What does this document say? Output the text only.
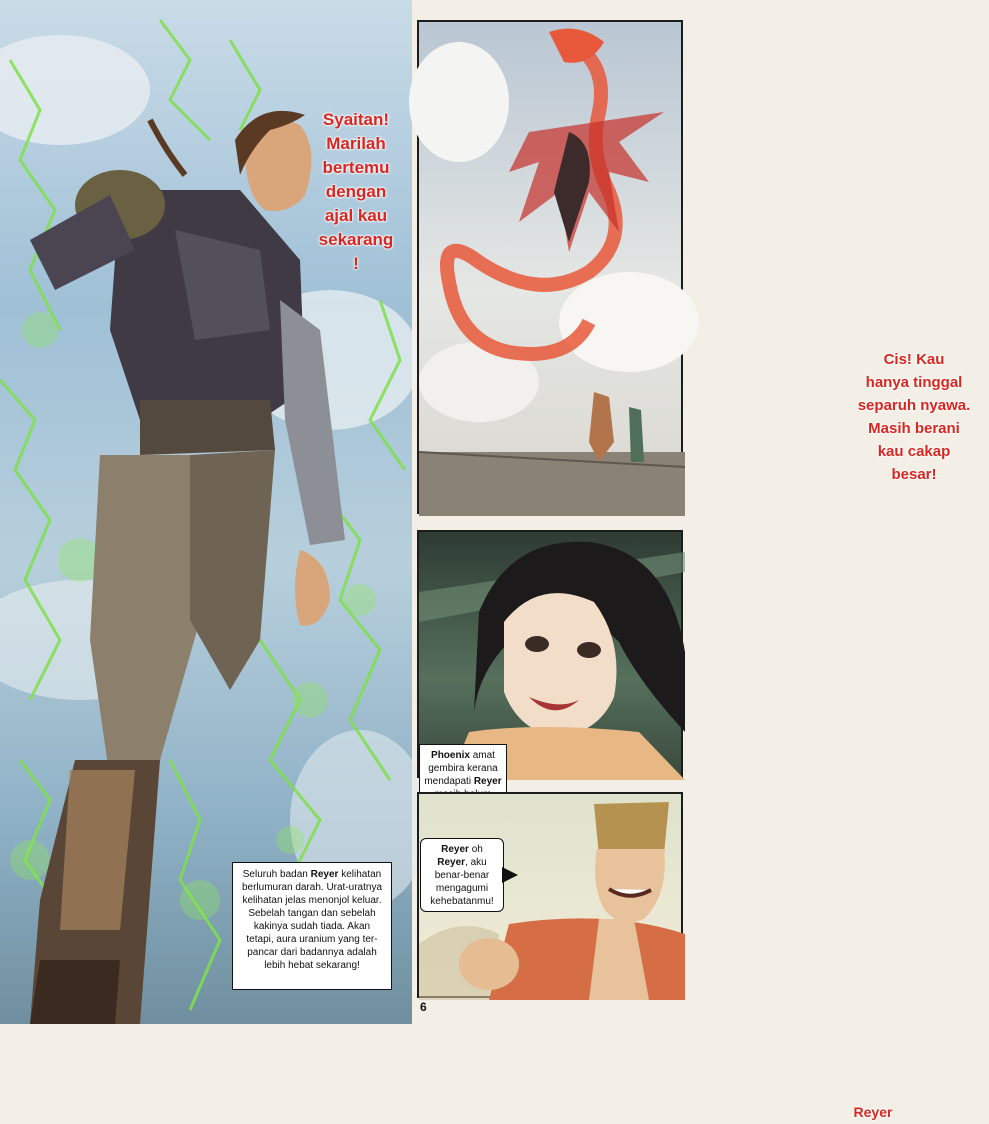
Syaitan!
Marilah
bertemu
dengan
ajal kau
sekarang
!
Seluruh badan Reyer kelihatan berlumuran darah. Urat-uratnya kelihatan jelas menonjol keluar. Sebelah tangan dan sebelah kakinya sudah tiada. Akan tetapi, aura uranium yang ter-pancar dari badannya adalah lebih hebat sekarang!
Cis! Kau
hanya tinggal
separuh nyawa.
Masih berani
kau cakap
besar!
Reyer
Phoenix amat gembira kerana mendapati Reyer
Reyer oh Reyer, aku benar-benar mengagumi kehebatanmu!
6
